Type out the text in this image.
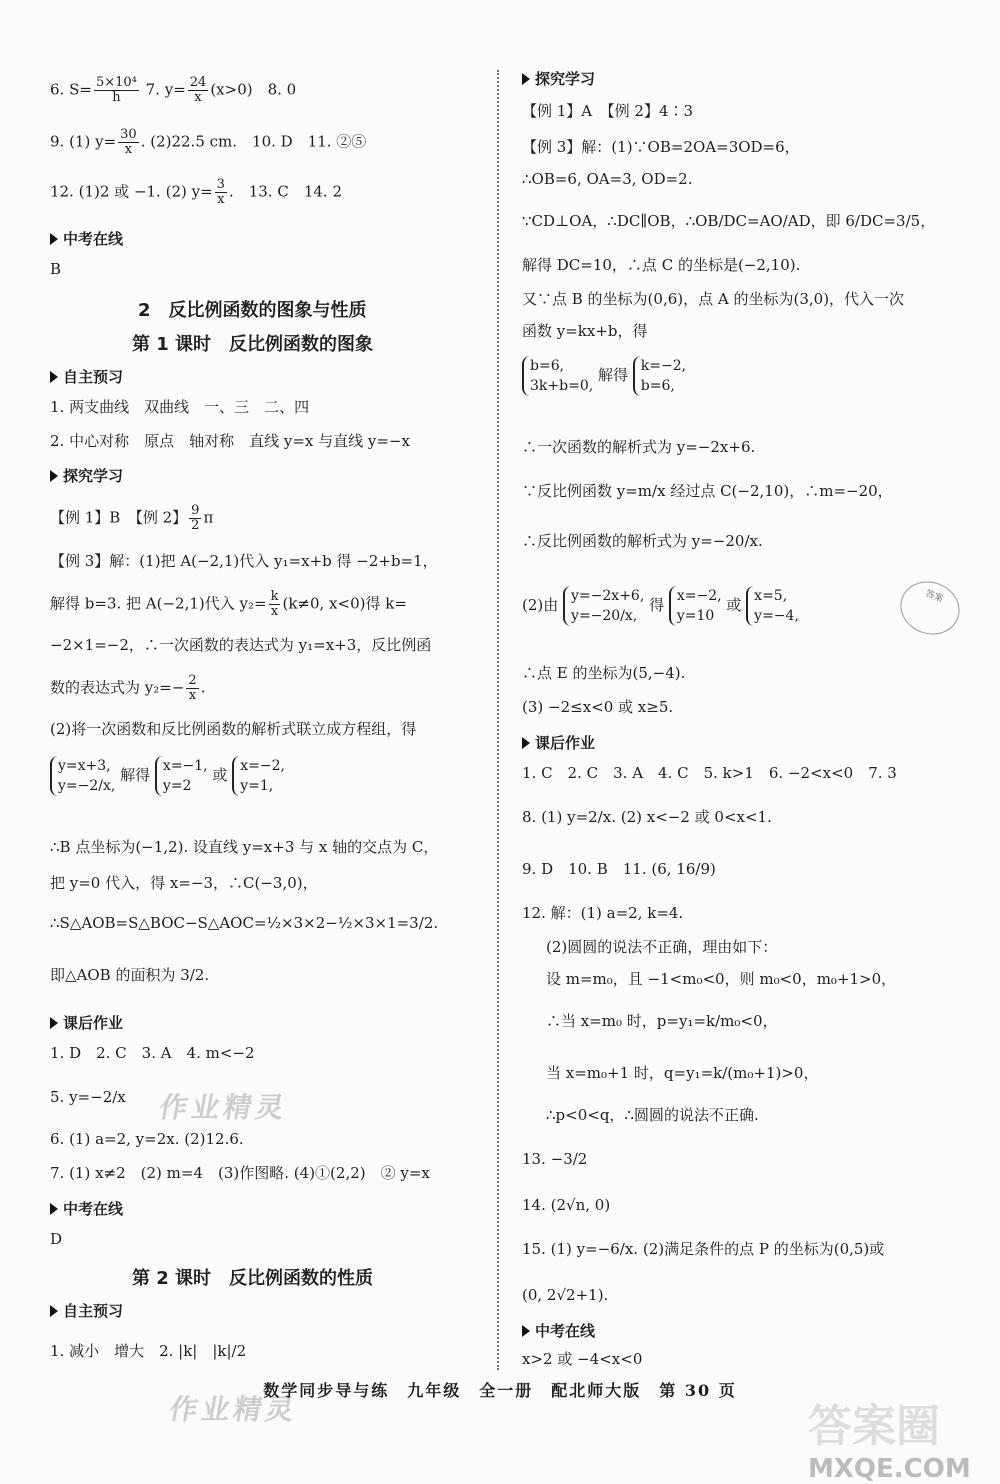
6. $S= \frac{\text{5×10⁴}}{h} 7$. $y= \frac{24}{x} (x>0)$　8. 0
9. (1) $y= \frac{30}{x}$ . (2)22.5 cm.　10. D　11. ②⑤
12. (1)2 或 −1. (2) $y= \frac{3}{x}$ .　13. C　14. 2
中考在线
B
2　反比例函数的图象与性质
第 1 课时　反比例函数的图象
自主预习
1. 两支曲线　双曲线　一、三　二、四
2. 中心对称　原点　轴对称　直线 y=x 与直线 y=−x
探究学习
【例 1】B　【例 2】 $\frac{9}{2}$ π
【例 3】解：(1)把 A(−2,1)代入 y₁=x+b 得 −2+b=1，
解得 b=3. 把 A(−2,1)代入 $y_2= \frac{k}{x} (k\ne 0$, x<0)得 k=
−2×1=−2，∴一次函数的表达式为 y₁=x+3，反比例函
数的表达式为 $y_2=- \frac{2}{x}$ .
(2)将一次函数和反比例函数的解析式联立成方程组，得
y=x+3,
y=−2/x, 解得 x=−1,
y=2 或 x=−2,
y=1,
∴B 点坐标为(−1,2). 设直线 y=x+3 与 x 轴的交点为 C，
把 y=0 代入，得 x=−3，∴C(−3,0)，
∴S△AOB=S△BOC−S△AOC=½×3×2−½×3×1=3/2.
即△AOB 的面积为 3/2.
课后作业
1. D　2. C　3. A　4. m<−2
5. y=−2/x
6. (1) a=2, y=2x. (2)12.6.
7. (1) x≠2　(2) m=4　(3)作图略. (4)①(2,2)　② y=x
中考在线
D
第 2 课时　反比例函数的性质
自主预习
1. 减小　增大　2. |k|　|k|/2
探究学习
【例 1】A　【例 2】4∶3
【例 3】解：(1)∵OB=2OA=3OD=6，
∴OB=6, OA=3, OD=2.
∵CD⊥OA，∴DC∥OB，∴OB/DC=AO/AD，即 6/DC=3/5，
解得 DC=10，∴点 C 的坐标是(−2,10).
又∵点 B 的坐标为(0,6)，点 A 的坐标为(3,0)，代入一次
函数 y=kx+b，得
b=6,
3k+b=0, 解得 k=−2,
b=6,
∴一次函数的解析式为 y=−2x+6.
∵反比例函数 y=m/x 经过点 C(−2,10)，∴m=−20，
∴反比例函数的解析式为 y=−20/x.
(2)由 y=−2x+6,
y=−20/x, 得 x=−2,
y=10 或 x=5,
y=−4,
∴点 E 的坐标为(5,−4).
(3) −2≤x<0 或 x≥5.
课后作业
1. C　2. C　3. A　4. C　5. k>1　6. −2<x<0　7. 3
8. (1) y=2/x. (2) x<−2 或 0<x<1.
9. D　10. B　11. (6, 16/9)
12. 解：(1) a=2, k=4.
(2)圆圆的说法不正确，理由如下：
设 m=m₀，且 −1<m₀<0，则 m₀<0，m₀+1>0，
∴当 x=m₀ 时，p=y₁=k/m₀<0，
当 x=m₀+1 时，q=y₁=k/(m₀+1)>0，
∴p<0<q，∴圆圆的说法不正确.
13. −3/2
14. (2√n, 0)
15. (1) y=−6/x. (2)满足条件的点 P 的坐标为(0,5)或
(0, 2√2+1).
中考在线
x>2 或 −4<x<0
作业精灵
作业精灵
答案
数学同步导与练　九年级　全一册　配北师大版　第 30 页
答案圈
MXQE.COM
